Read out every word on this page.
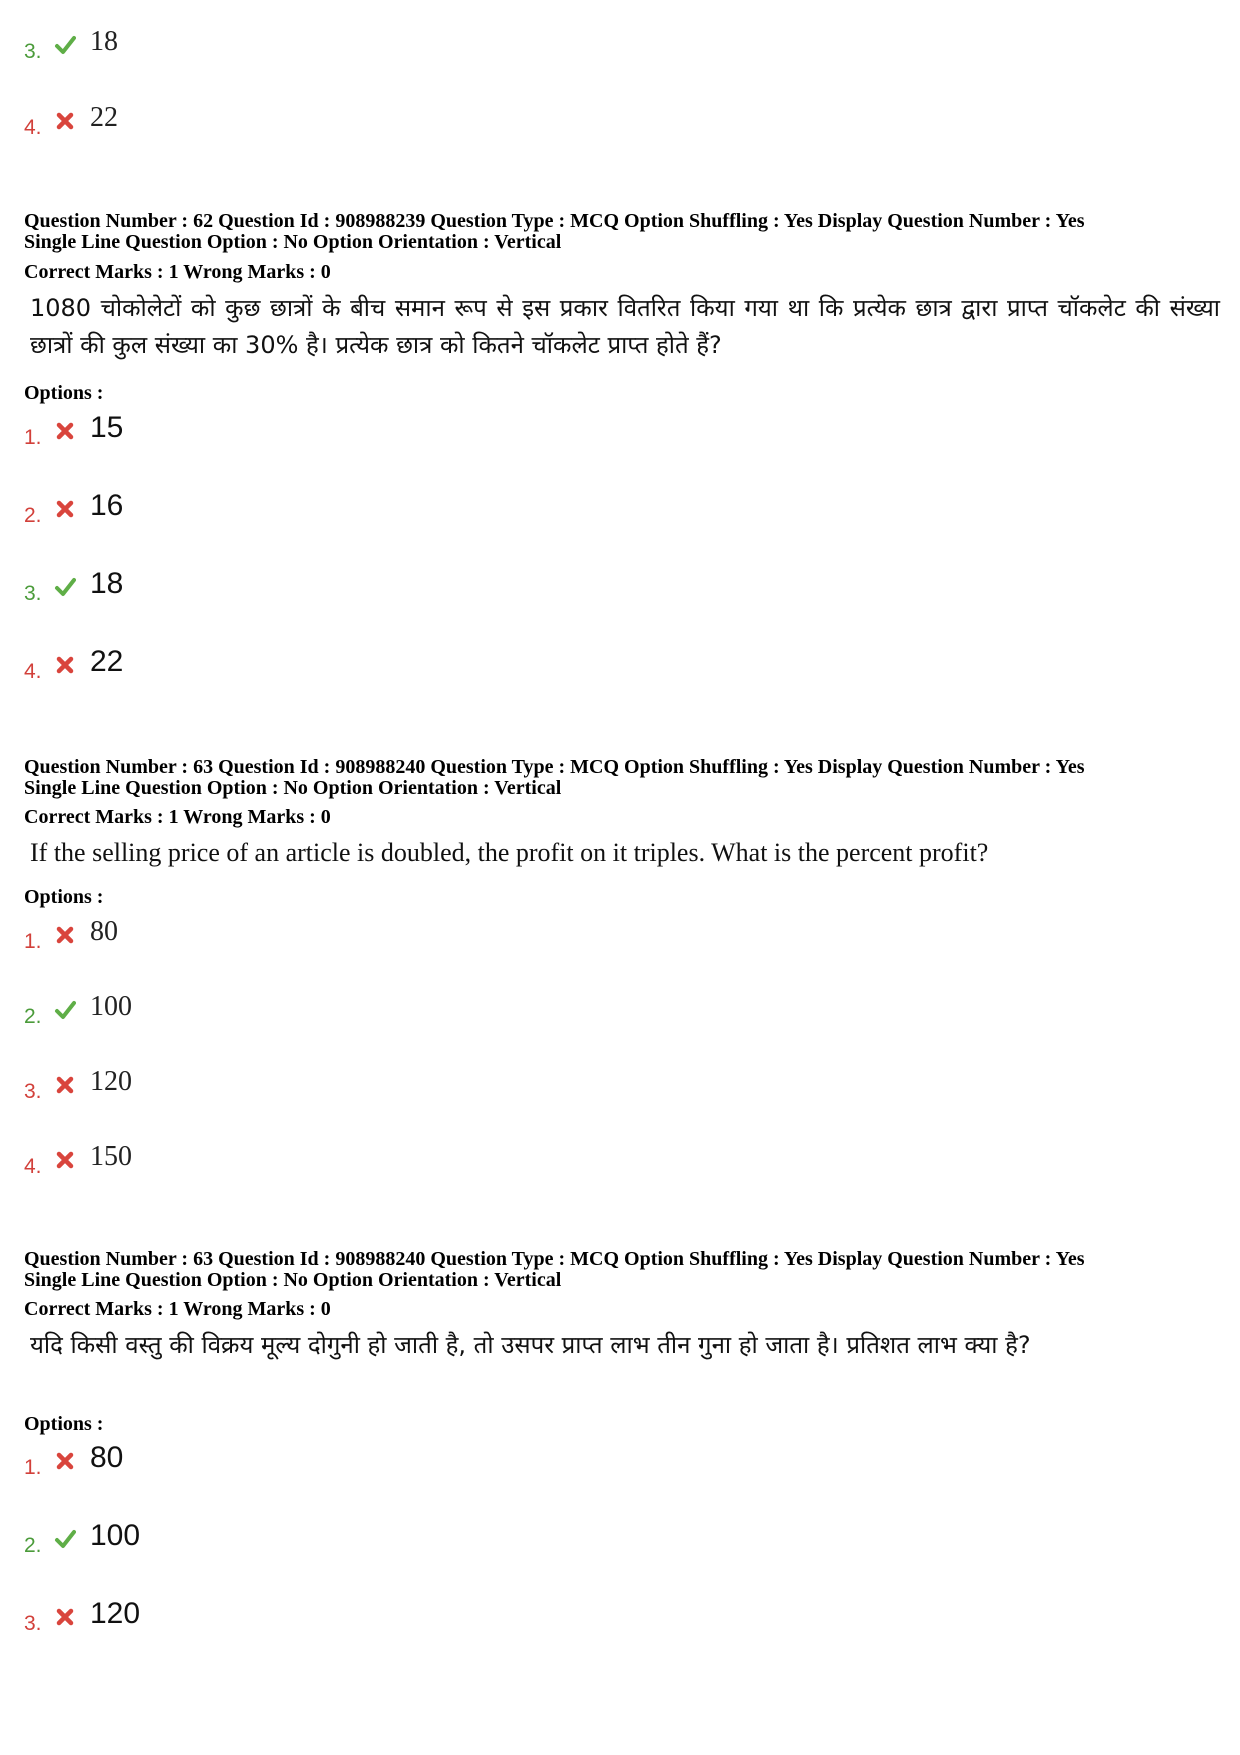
3. 18
4. 22
Question Number : 62 Question Id : 908988239 Question Type : MCQ Option Shuffling : Yes Display Question Number : Yes
Single Line Question Option : No Option Orientation : Vertical
Correct Marks : 1 Wrong Marks : 0
1080 चोकोलेटों को कुछ छात्रों के बीच समान रूप से इस प्रकार वितरित किया गया था कि प्रत्येक छात्र द्वारा प्राप्त चॉकलेट की संख्या छात्रों की कुल संख्या का 30% है। प्रत्येक छात्र को कितने चॉकलेट प्राप्त होते हैं?
Options :
1. 15
2. 16
3. 18
4. 22
Question Number : 63 Question Id : 908988240 Question Type : MCQ Option Shuffling : Yes Display Question Number : Yes
Single Line Question Option : No Option Orientation : Vertical
Correct Marks : 1 Wrong Marks : 0
If the selling price of an article is doubled, the profit on it triples. What is the percent profit?
Options :
1. 80
2. 100
3. 120
4. 150
Question Number : 63 Question Id : 908988240 Question Type : MCQ Option Shuffling : Yes Display Question Number : Yes
Single Line Question Option : No Option Orientation : Vertical
Correct Marks : 1 Wrong Marks : 0
यदि किसी वस्तु की विक्रय मूल्य दोगुनी हो जाती है, तो उसपर प्राप्त लाभ तीन गुना हो जाता है। प्रतिशत लाभ क्या है?
Options :
1. 80
2. 100
3. 120
